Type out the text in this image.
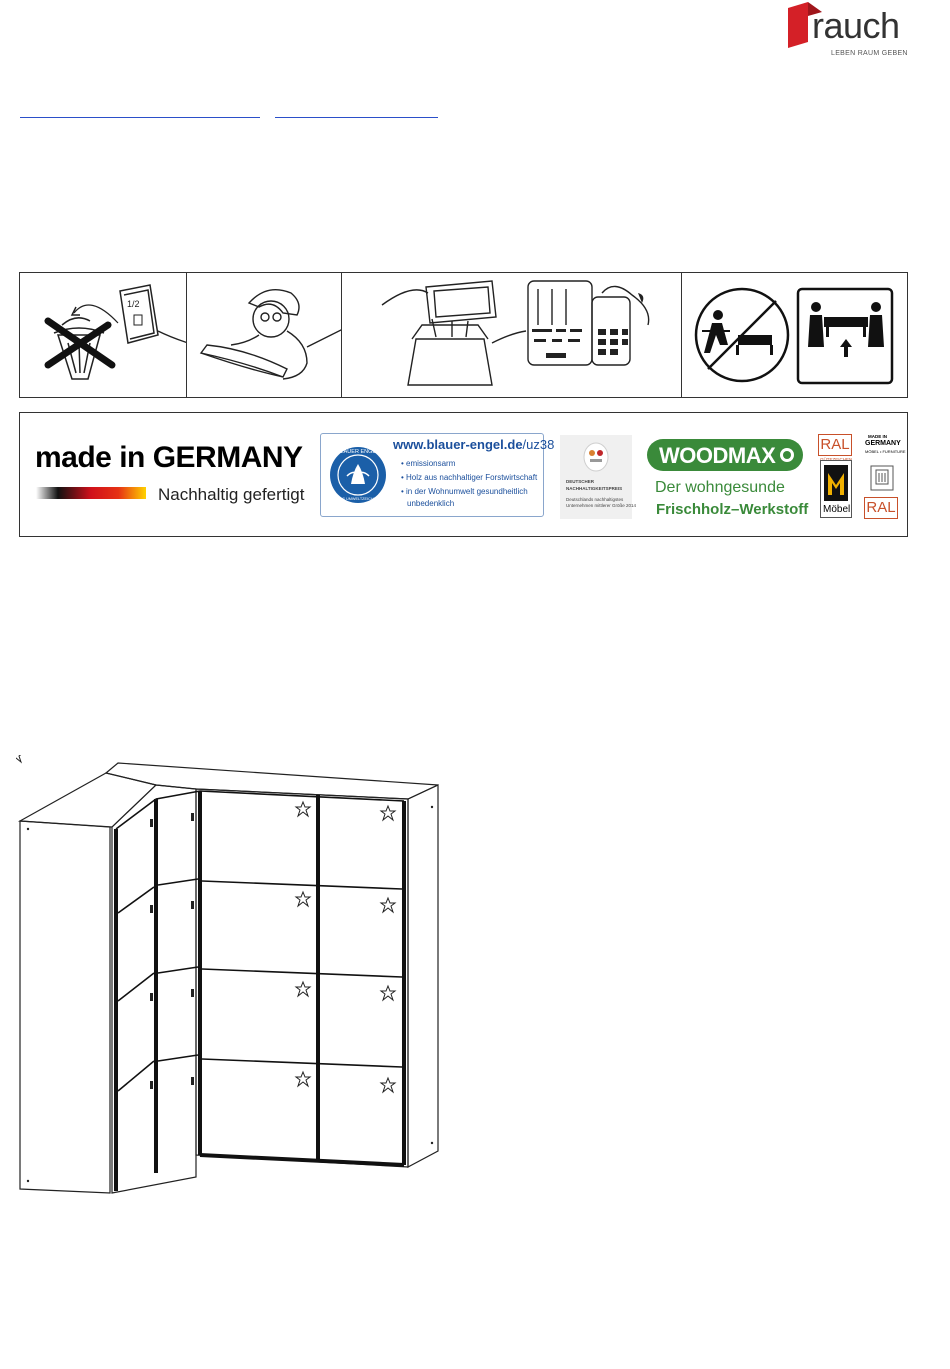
rauch
LEBEN RAUM GEBEN
1/2
made in GERMANY
Nachhaltig gefertigt
BLAUER ENGEL
DAS UMWELTZEICHEN
www.blauer-engel.de/uz38
• emissionsarm
• Holz aus nachhaltiger Forstwirtschaft
• in der Wohnumwelt gesundheitlich
unbedenklich
DEUTSCHER
NACHHALTIGKEITSPREIS
Deutschlands nachhaltigstes
Unternehmen mittlerer Größe 2014
WOODMAX
Der wohngesunde
Frischholz–Werkstoff
RAL
GÜTEZEICHEN
Möbel
MADE IN
GERMANY
MÖBEL • FURNITURE
RAL
